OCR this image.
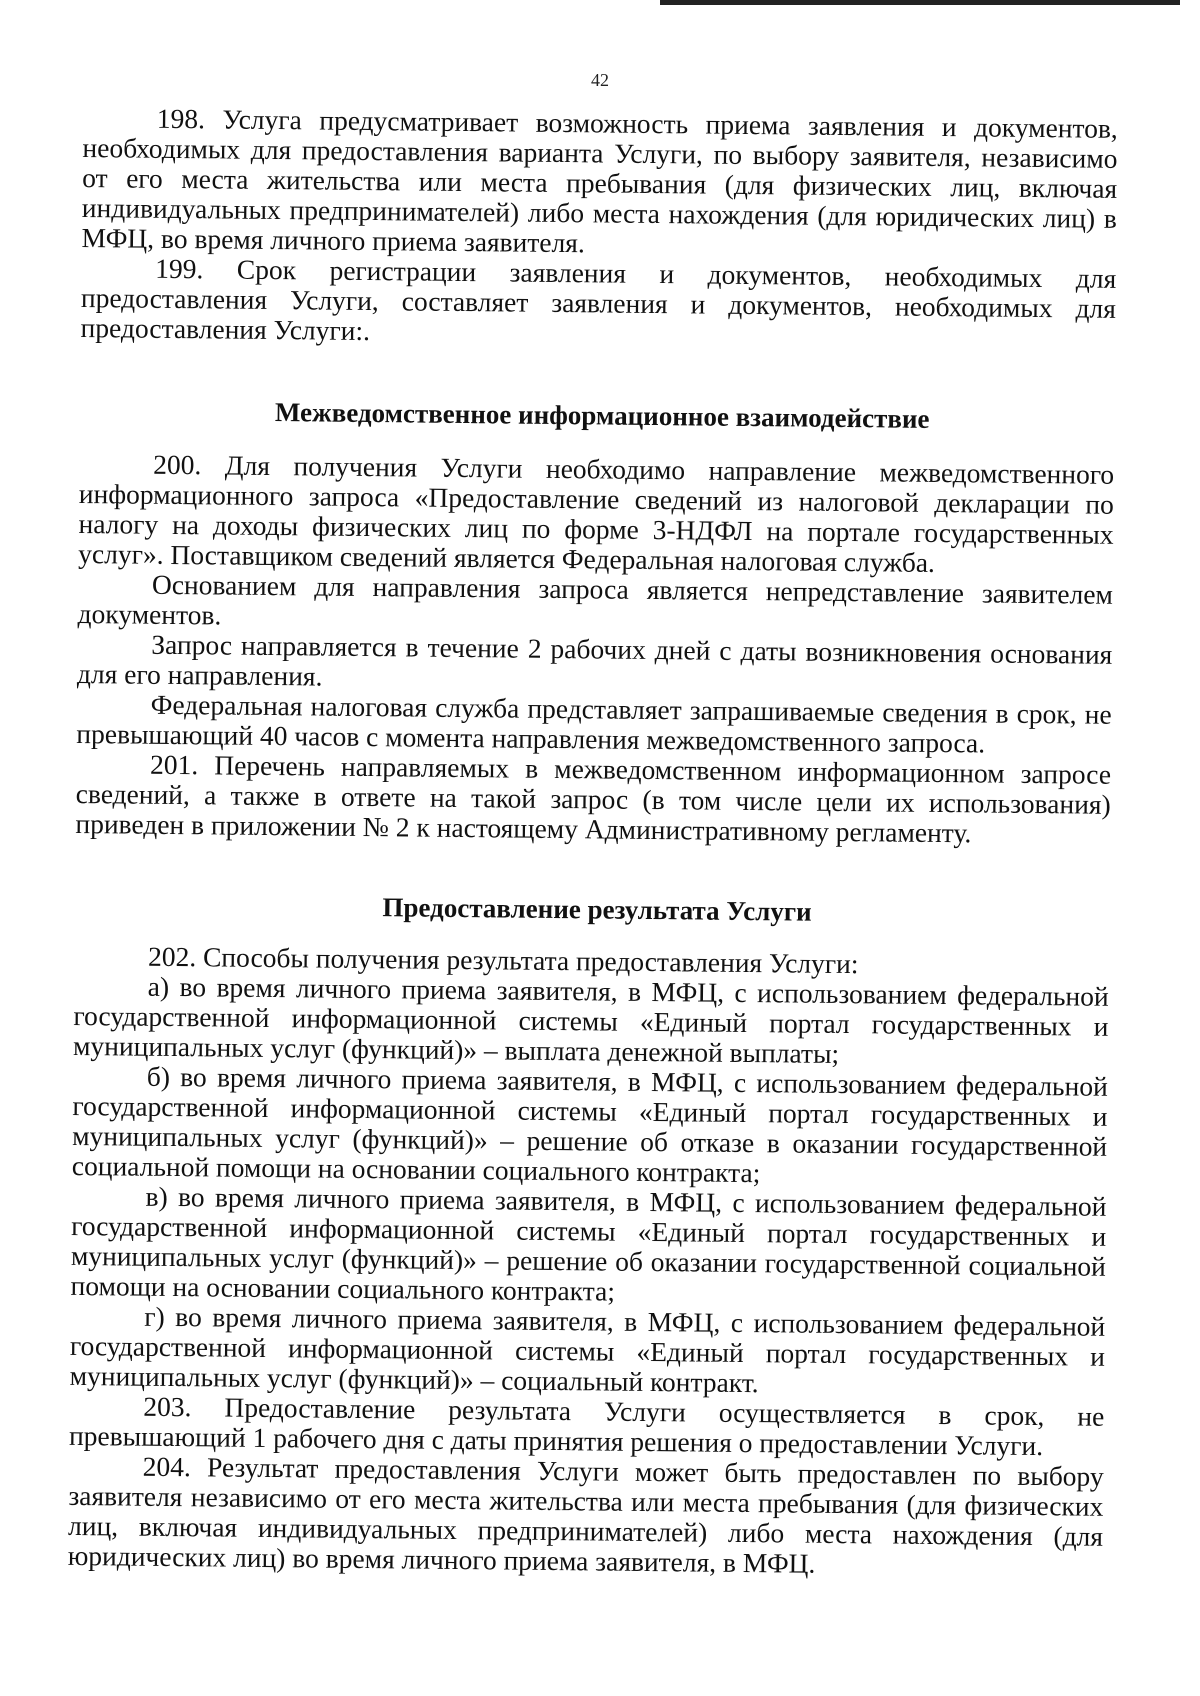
42

198. Услуга предусматривает возможность приема заявления и документов, необходимых для предоставления варианта Услуги, по выбору заявителя, независимо от его места жительства или места пребывания (для физических лиц, включая индивидуальных предпринимателей) либо места нахождения (для юридических лиц) в МФЦ, во время личного приема заявителя.

199. Срок регистрации заявления и документов, необходимых для предоставления Услуги, составляет заявления и документов, необходимых для предоставления Услуги:.

Межведомственное информационное взаимодействие

200. Для получения Услуги необходимо направление межведомственного информационного запроса «Предоставление сведений из налоговой декларации по налогу на доходы физических лиц по форме 3-НДФЛ на портале государственных услуг». Поставщиком сведений является Федеральная налоговая служба.

Основанием для направления запроса является непредставление заявителем документов.

Запрос направляется в течение 2 рабочих дней с даты возникновения основания для его направления.

Федеральная налоговая служба представляет запрашиваемые сведения в срок, не превышающий 40 часов с момента направления межведомственного запроса.

201. Перечень направляемых в межведомственном информационном запросе сведений, а также в ответе на такой запрос (в том числе цели их использования) приведен в приложении № 2 к настоящему Административному регламенту.

Предоставление результата Услуги

202. Способы получения результата предоставления Услуги:

а) во время личного приема заявителя, в МФЦ, с использованием федеральной государственной информационной системы «Единый портал государственных и муниципальных услуг (функций)» – выплата денежной выплаты;

б) во время личного приема заявителя, в МФЦ, с использованием федеральной государственной информационной системы «Единый портал государственных и муниципальных услуг (функций)» – решение об отказе в оказании государственной социальной помощи на основании социального контракта;

в) во время личного приема заявителя, в МФЦ, с использованием федеральной государственной информационной системы «Единый портал государственных и муниципальных услуг (функций)» – решение об оказании государственной социальной помощи на основании социального контракта;

г) во время личного приема заявителя, в МФЦ, с использованием федеральной государственной информационной системы «Единый портал государственных и муниципальных услуг (функций)» – социальный контракт.

203. Предоставление результата Услуги осуществляется в срок, не превышающий 1 рабочего дня с даты принятия решения о предоставлении Услуги.

204. Результат предоставления Услуги может быть предоставлен по выбору заявителя независимо от его места жительства или места пребывания (для физических лиц, включая индивидуальных предпринимателей) либо места нахождения (для юридических лиц) во время личного приема заявителя, в МФЦ.
